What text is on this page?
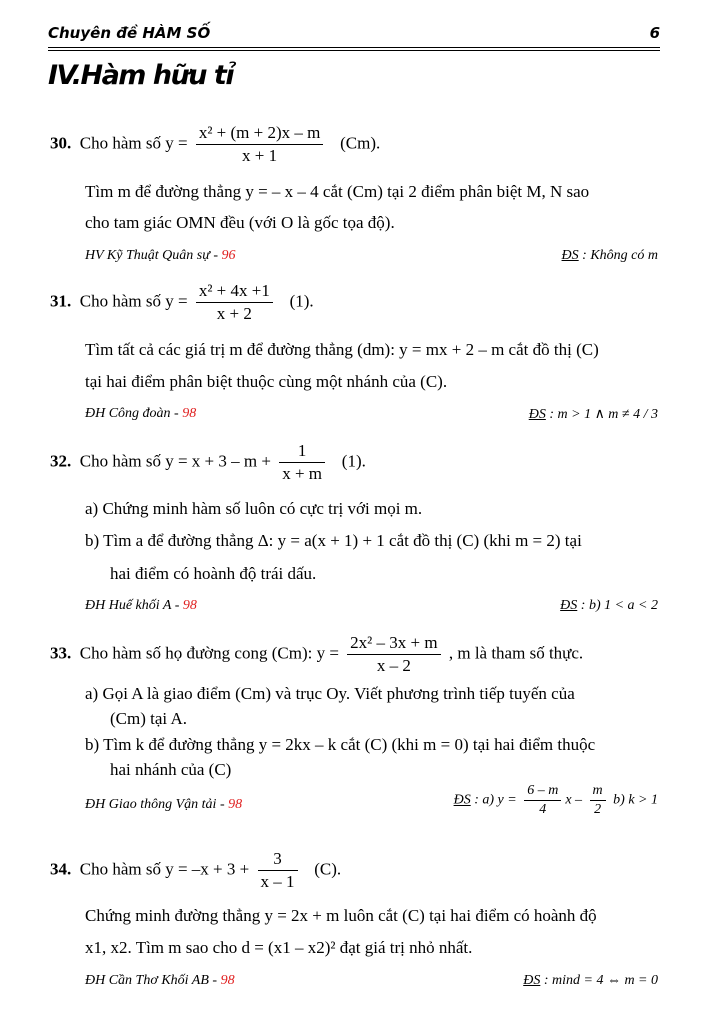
Chuyên đề HÀM SỐ	6
IV.Hàm hữu tỉ
30. Cho hàm số $y = \frac{\text{x² + (m + 2)x – m}}{x + 1} (Cm)$.
Tìm m để đường thẳng y = – x – 4 cắt (Cm) tại 2 điểm phân biệt M, N sao
cho tam giác OMN đều (với O là gốc tọa độ).
HV Kỹ Thuật Quân sự - 96	ĐS : Không có m
31. Cho hàm số $y = \frac{\text{x² + 4x +1}}{x + 2} (1)$.
Tìm tất cả các giá trị m để đường thẳng (dm): y = mx + 2 – m cắt đồ thị (C)
tại hai điểm phân biệt thuộc cùng một nhánh của (C).
ĐH Công đoàn - 98	ĐS : m > 1 ∧ m ≠ 4 / 3
32. Cho hàm số $y = x + 3 - m + \frac{1}{x + m} (1)$.
a) Chứng minh hàm số luôn có cực trị với mọi m.
b) Tìm a để đường thẳng Δ: y = a(x + 1) + 1 cắt đồ thị (C) (khi m = 2) tại
hai điểm có hoành độ trái dấu.
ĐH Huế khối A - 98	ĐS : b) 1 < a < 2
33. Cho hàm số họ đường cong (Cm): $y = \frac{\text{2x² – 3x + m}}{x - 2}$ , m là tham số thực.
a) Gọi A là giao điểm (Cm) và trục Oy. Viết phương trình tiếp tuyến của
(Cm) tại A.
b) Tìm k để đường thẳng y = 2kx – k cắt (C) (khi m = 0) tại hai điểm thuộc
hai nhánh của (C)
ĐH Giao thông Vận tải - 98	ĐS : a) $y = \frac{6 - m}{4}$ x – $\frac{m}{2} b$) k > 1
34. Cho hàm số $y = -x + 3 + \frac{3}{x - 1} (C)$.
Chứng minh đường thẳng y = 2x + m luôn cắt (C) tại hai điểm có hoành độ
x1, x2. Tìm m sao cho d = (x1 – x2)² đạt giá trị nhỏ nhất.
ĐH Cần Thơ Khối AB - 98	ĐS : mind = 4 ⇔ m = 0
